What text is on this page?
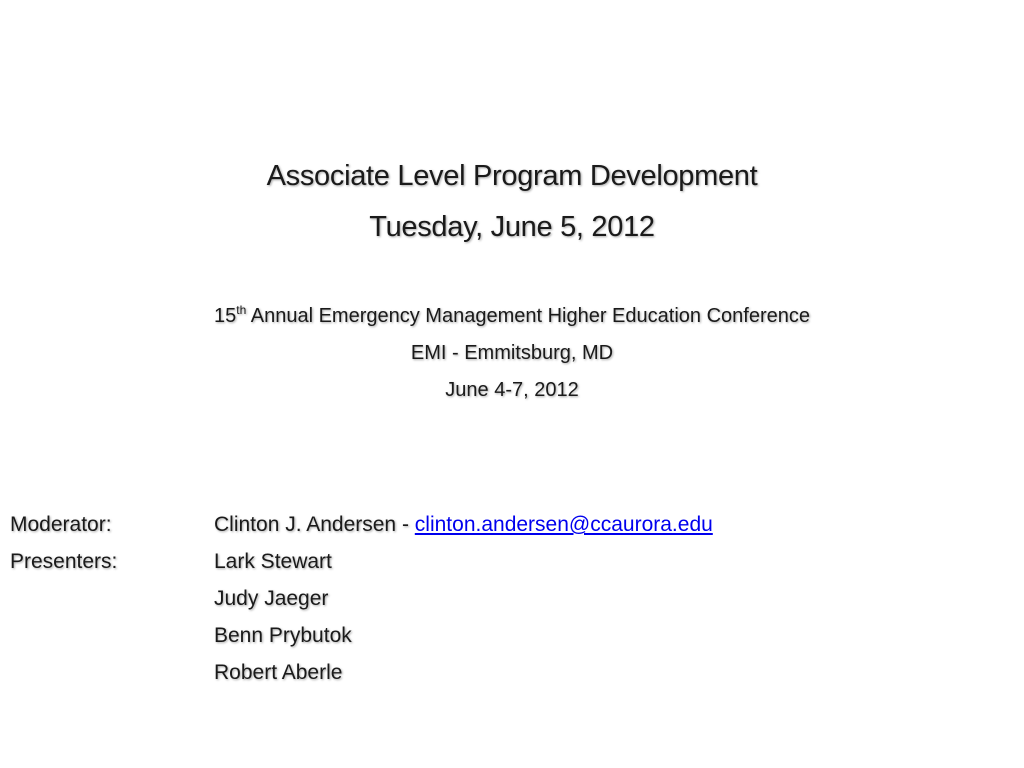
Associate Level Program Development
Tuesday, June 5, 2012
15th Annual Emergency Management Higher Education Conference
EMI - Emmitsburg, MD
June 4-7, 2012
Moderator:	Clinton J. Andersen - clinton.andersen@ccaurora.edu
Presenters:	Lark Stewart
Judy Jaeger
Benn Prybutok
Robert Aberle
